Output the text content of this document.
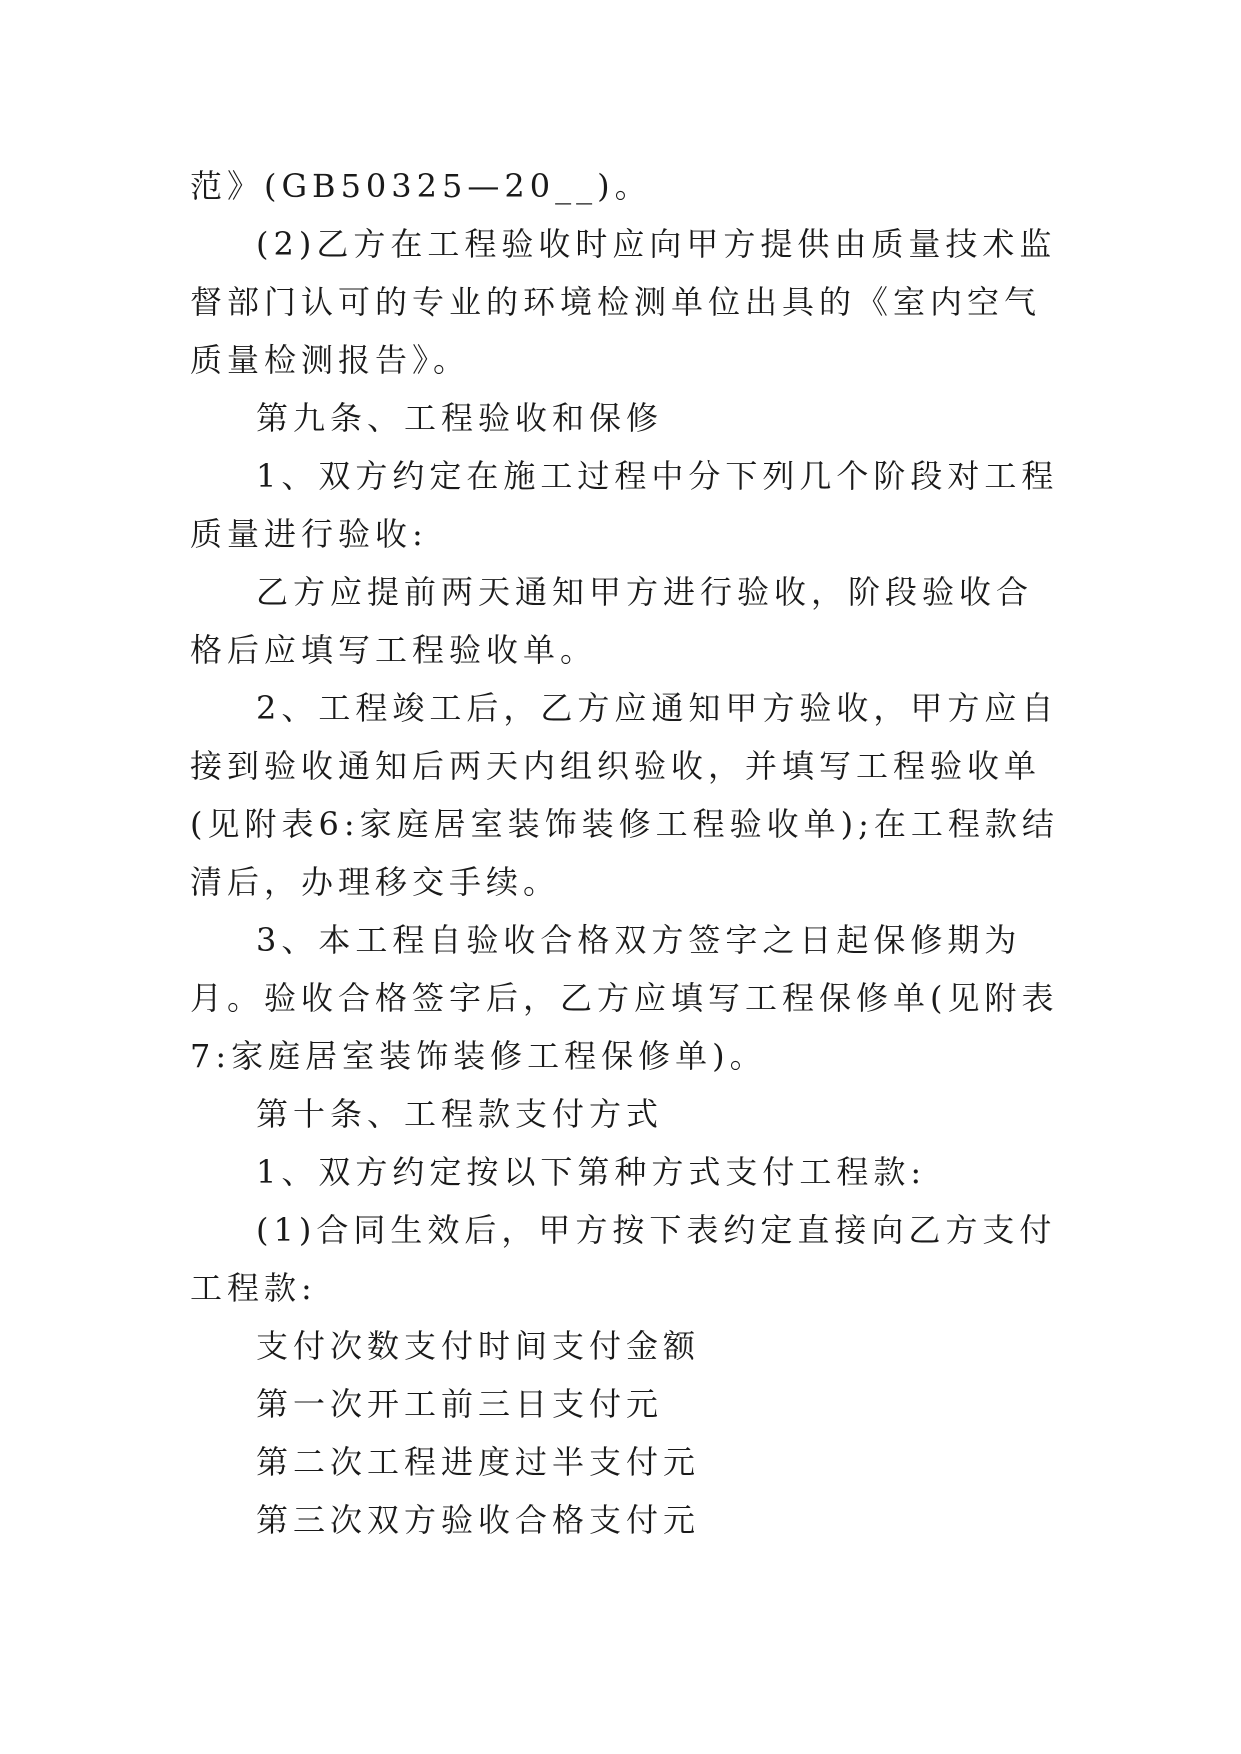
范》(GB50325—20__)。

(2)乙方在工程验收时应向甲方提供由质量技术监督部门认可的专业的环境检测单位出具的《室内空气质量检测报告》。

第九条、工程验收和保修

1、双方约定在施工过程中分下列几个阶段对工程质量进行验收:

乙方应提前两天通知甲方进行验收，阶段验收合格后应填写工程验收单。

2、工程竣工后，乙方应通知甲方验收，甲方应自接到验收通知后两天内组织验收，并填写工程验收单(见附表6:家庭居室装饰装修工程验收单);在工程款结清后，办理移交手续。

3、本工程自验收合格双方签字之日起保修期为月。验收合格签字后，乙方应填写工程保修单(见附表7:家庭居室装饰装修工程保修单)。

第十条、工程款支付方式

1、双方约定按以下第种方式支付工程款:

(1)合同生效后，甲方按下表约定直接向乙方支付工程款:

支付次数支付时间支付金额

第一次开工前三日支付元

第二次工程进度过半支付元

第三次双方验收合格支付元
